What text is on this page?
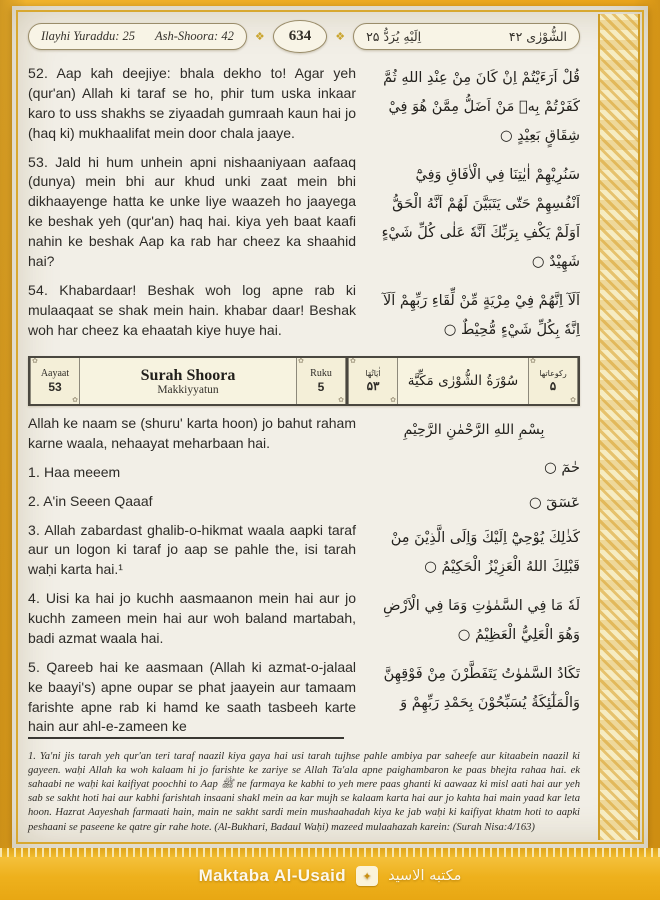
Ilayhi Yuraddu: 25 Ash-Shoora: 42 ❖ 634 ❖	الشُّوْرٰى ۴۲
اِلَيْهِ يُرَدُّ ۲۵

52. Aap kah deejiye: bhala dekho to! Agar yeh (qur'an) Allah ki taraf se ho, phir tum uska inkaar karo to uss shakhs se ziyaadah gumraah kaun hai jo (haq ki) mukhaalifat mein door chala jaaye.

53. Jald hi hum unhein apni nishaaniyaan aafaaq (dunya) mein bhi aur khud unki zaat mein bhi dikhaayenge hatta ke unke liye waazeh ho jaayega ke beshak yeh (qur'an) haq hai. kiya yeh baat kaafi nahin ke beshak Aap ka rab har cheez ka shaahid hai?

54. Khabardaar! Beshak woh log apne rab ki mulaaqaat se shak mein hain. khabar daar! Beshak woh har cheez ka ehaatah kiye huye hai.

قُلْ اَرَءَيْتُمْ اِنْ كَانَ مِنْ عِنْدِ اللهِ ثُمَّ كَفَرْتُمْ بِهٖ مَنْ اَضَلُّ مِمَّنْ هُوَ فِيْ شِقَاقٍ بَعِيْدٍ ○

سَنُرِيْهِمْ اٰيٰتِنَا فِي الْاٰفَاقِ وَفِيْٓ اَنْفُسِهِمْ حَتّٰى يَتَبَيَّنَ لَهُمْ اَنَّهُ الْحَقُّ اَوَلَمْ يَكْفِ بِرَبِّكَ اَنَّهٗ عَلٰى كُلِّ شَيْءٍ شَهِيْدٌ ○

اَلَآ اِنَّهُمْ فِيْ مِرْيَةٍ مِّنْ لِّقَاءِ رَبِّهِمْ اَلَآ اِنَّهٗ بِكُلِّ شَيْءٍ مُّحِيْطٌ ○

✿
Aayaat
53
✿
Surah Shoora
Makkiyyatun
✿
Ruku
5
✿
✿
رکوعاتها
۵
✿
سُوْرَةُ الشُّوْرٰى مَكِّيَّة
✿
اٰيَاتُهَا
۵۳
✿

Allah ke naam se (shuru' karta hoon) jo bahut raham karne waala, nehaayat meharbaan hai.

1. Haa meeem

2. A'in Seeen Qaaaf

3. Allah zabardast ghalib-o-hikmat waala aapki taraf aur un logon ki taraf jo aap se pahle the, isi tarah waḥi karta hai.¹

4. Uisi ka hai jo kuchh aasmaanon mein hai aur jo kuchh zameen mein hai aur woh baland martabah, badi azmat waala hai.

5. Qareeb hai ke aasmaan (Allah ki azmat-o-jalaal ke baayi's) apne oupar se phat jaayein aur tamaam farishte apne rab ki hamd ke saath tasbeeh karte hain aur ahl-e-zameen ke

بِسْمِ اللهِ الرَّحْمٰنِ الرَّحِيْمِ

حٰمٓ ○

عٓسٓقٓ ○

كَذٰلِكَ يُوْحِيْٓ اِلَيْكَ وَاِلَى الَّذِيْنَ مِنْ قَبْلِكَ اللهُ الْعَزِيْزُ الْحَكِيْمُ ○

لَهٗ مَا فِي السَّمٰوٰتِ وَمَا فِي الْاَرْضِ وَهُوَ الْعَلِيُّ الْعَظِيْمُ ○

تَكَادُ السَّمٰوٰتُ يَتَفَطَّرْنَ مِنْ فَوْقِهِنَّ وَالْمَلٰٓئِكَةُ يُسَبِّحُوْنَ بِحَمْدِ رَبِّهِمْ وَ

1. Ya'ni jis tarah yeh qur'an teri taraf naazil kiya gaya hai usi tarah tujhse pahle ambiya par saheefe aur kitaabein naazil ki gayeen. waḥi Allah ka woh kalaam hi jo farishte ke zariye se Allah Ta'ala apne paighambaron ke paas bhejta rahaa hai. ek sahaabi ne waḥi kai kaifiyat poochhi to Aap ﷺ ne farmaya ke kabhi to yeh mere paas ghanti ki aawaaz ki misl aati hai aur yeh sab se sakht hoti hai aur kabhi farishtah insaani shakl mein aa kar mujh se kalaam karta hai aur jo kahta hai main yaad kar leta hoon. Hazrat Aayeshah farmaati hain, main ne sakht sardi mein mushaahadah kiya ke jab waḥi ki kaifiyat khatm hoti to aapki peshaani se paseene ke qatre gir rahe hote. (Al-Bukhari, Badaul Waḥi) mazeed mulaahazah karein: (Surah Nisa:4/163)

Maktaba Al-Usaid ✦ مكتبه الاسيد
